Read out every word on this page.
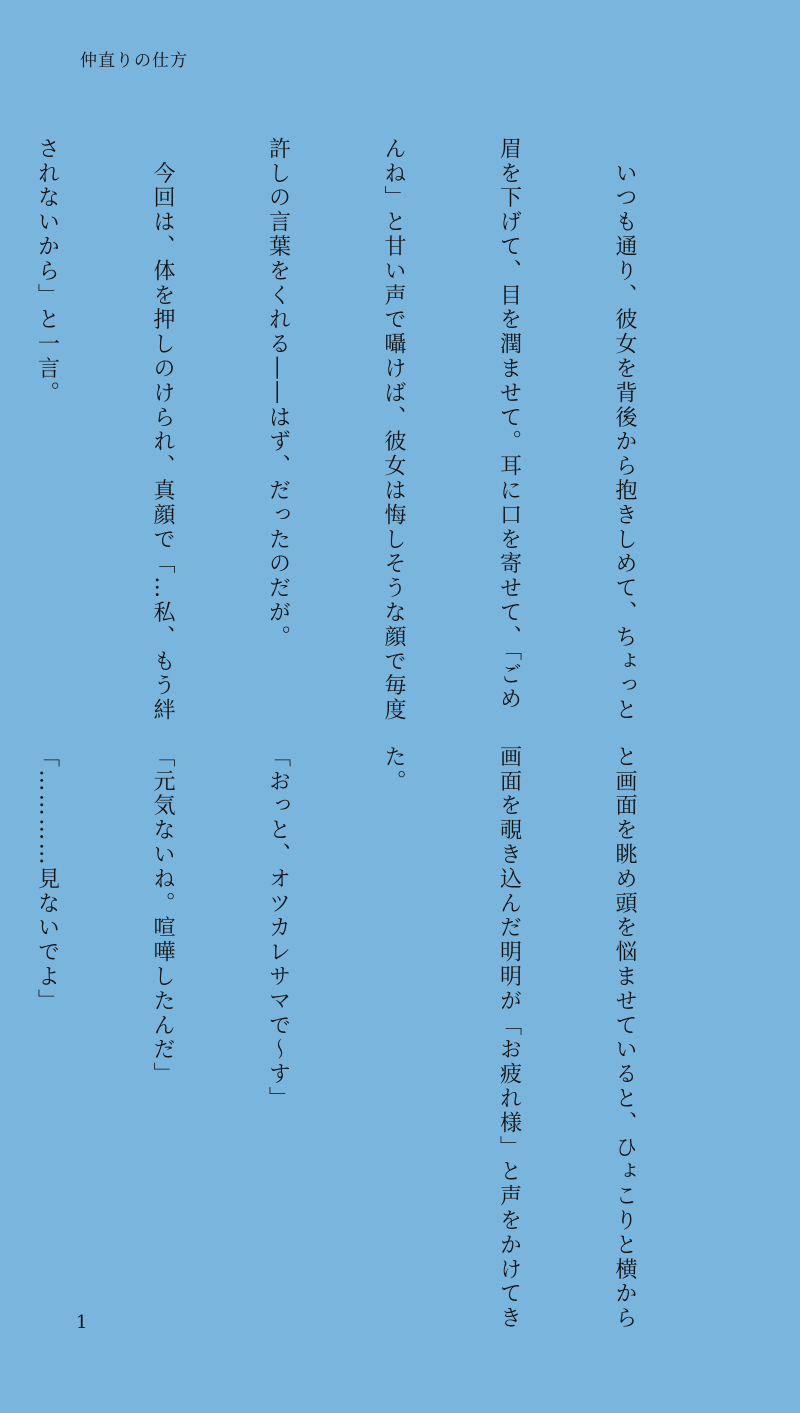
仲直りの仕方

　いつも通り、彼女を背後から抱きしめて、ちょっと

眉を下げて、目を潤ませて。耳に口を寄せて、「ごめ

んね」と甘い声で囁けば、彼女は悔しそうな顔で毎度

許しの言葉をくれる――はず、だったのだが。

　今回は、体を押しのけられ、真顔で「…私、もう絆

されないから」と一言。

と画面を眺め頭を悩ませていると、ひょこりと横から

画面を覗き込んだ明明が「お疲れ様」と声をかけてき

た。

「おっと、オツカレサマで〜す」

「元気ないね。喧嘩したんだ」

「…………見ないでよ」

1
